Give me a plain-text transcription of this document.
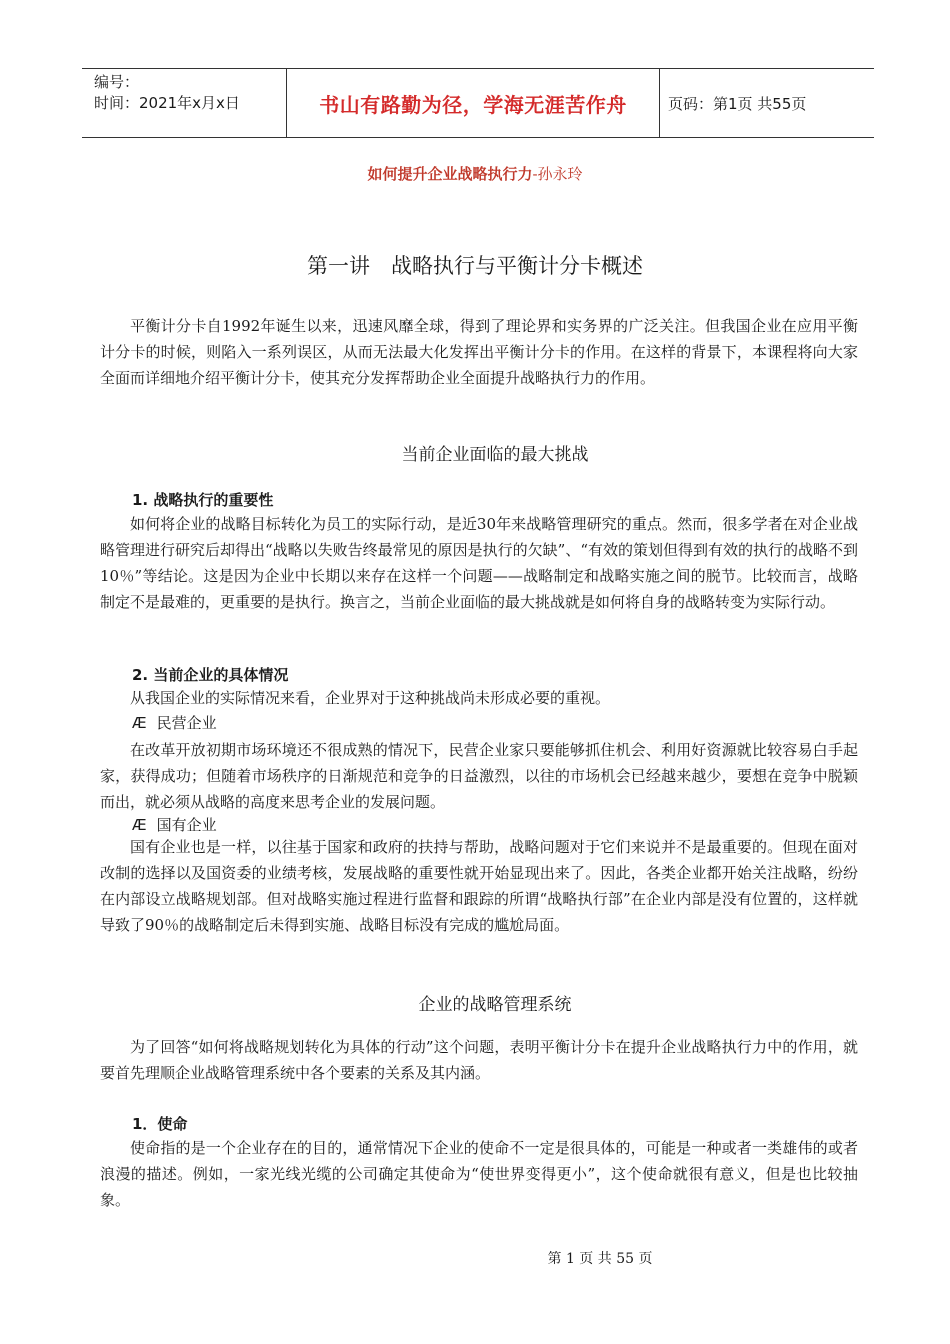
编号：
时间：2021年x月x日	书山有路勤为径，学海无涯苦作舟	页码：第1页 共55页
如何提升企业战略执行力-孙永玲
第一讲　战略执行与平衡计分卡概述

平衡计分卡自1992年诞生以来，迅速风靡全球，得到了理论界和实务界的广泛关注。但我国企业在应用平衡计分卡的时候，则陷入一系列误区，从而无法最大化发挥出平衡计分卡的作用。在这样的背景下，本课程将向大家全面而详细地介绍平衡计分卡，使其充分发挥帮助企业全面提升战略执行力的作用。

当前企业面临的最大挑战
1. 战略执行的重要性

如何将企业的战略目标转化为员工的实际行动，是近30年来战略管理研究的重点。然而，很多学者在对企业战略管理进行研究后却得出“战略以失败告终最常见的原因是执行的欠缺”、“有效的策划但得到有效的执行的战略不到10％”等结论。这是因为企业中长期以来存在这样一个问题——战略制定和战略实施之间的脱节。比较而言，战略制定不是最难的，更重要的是执行。换言之，当前企业面临的最大挑战就是如何将自身的战略转变为实际行动。

2. 当前企业的具体情况

从我国企业的实际情况来看，企业界对于这种挑战尚未形成必要的重视。

Æ 民营企业

在改革开放初期市场环境还不很成熟的情况下，民营企业家只要能够抓住机会、利用好资源就比较容易白手起家，获得成功；但随着市场秩序的日渐规范和竞争的日益激烈，以往的市场机会已经越来越少，要想在竞争中脱颖而出，就必须从战略的高度来思考企业的发展问题。

Æ 国有企业

国有企业也是一样，以往基于国家和政府的扶持与帮助，战略问题对于它们来说并不是最重要的。但现在面对改制的选择以及国资委的业绩考核，发展战略的重要性就开始显现出来了。因此，各类企业都开始关注战略，纷纷在内部设立战略规划部。但对战略实施过程进行监督和跟踪的所谓“战略执行部”在企业内部是没有位置的，这样就导致了90％的战略制定后未得到实施、战略目标没有完成的尴尬局面。

企业的战略管理系统

为了回答“如何将战略规划转化为具体的行动”这个问题，表明平衡计分卡在提升企业战略执行力中的作用，就要首先理顺企业战略管理系统中各个要素的关系及其内涵。

1．使命

使命指的是一个企业存在的目的，通常情况下企业的使命不一定是很具体的，可能是一种或者一类雄伟的或者浪漫的描述。例如，一家光线光缆的公司确定其使命为“使世界变得更小”，这个使命就很有意义，但是也比较抽象。

第 1 页 共 55 页
